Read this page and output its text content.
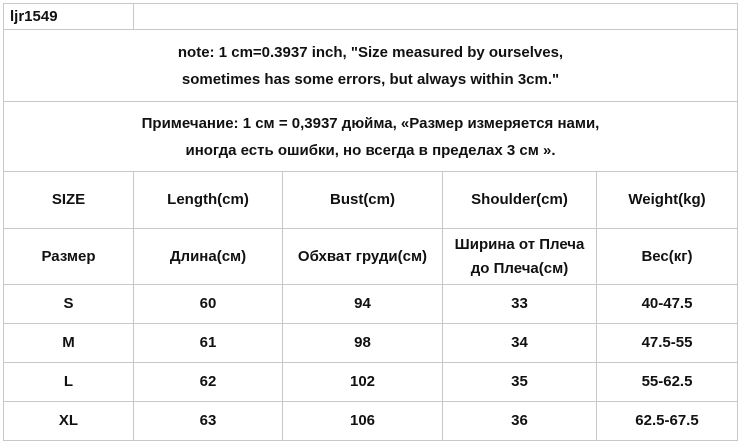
ljr1549				

note: 1 cm=0.3937 inch, "Size measured by ourselves,
sometimes has some errors, but always within 3cm."				

Примечание: 1 см = 0,3937 дюйма, «Размер измеряется нами,
иногда есть ошибки, но всегда в пределах 3 см ».				

SIZE	Length(cm)	Bust(cm)	Shoulder(cm)	Weight(kg)
Размер	Длина(см)	Обхват груди(см)	Ширина от Плеча
до Плеча(см)	Вес(кг)
S	60	94	33	40-47.5
M	61	98	34	47.5-55
L	62	102	35	55-62.5
XL	63	106	36	62.5-67.5
